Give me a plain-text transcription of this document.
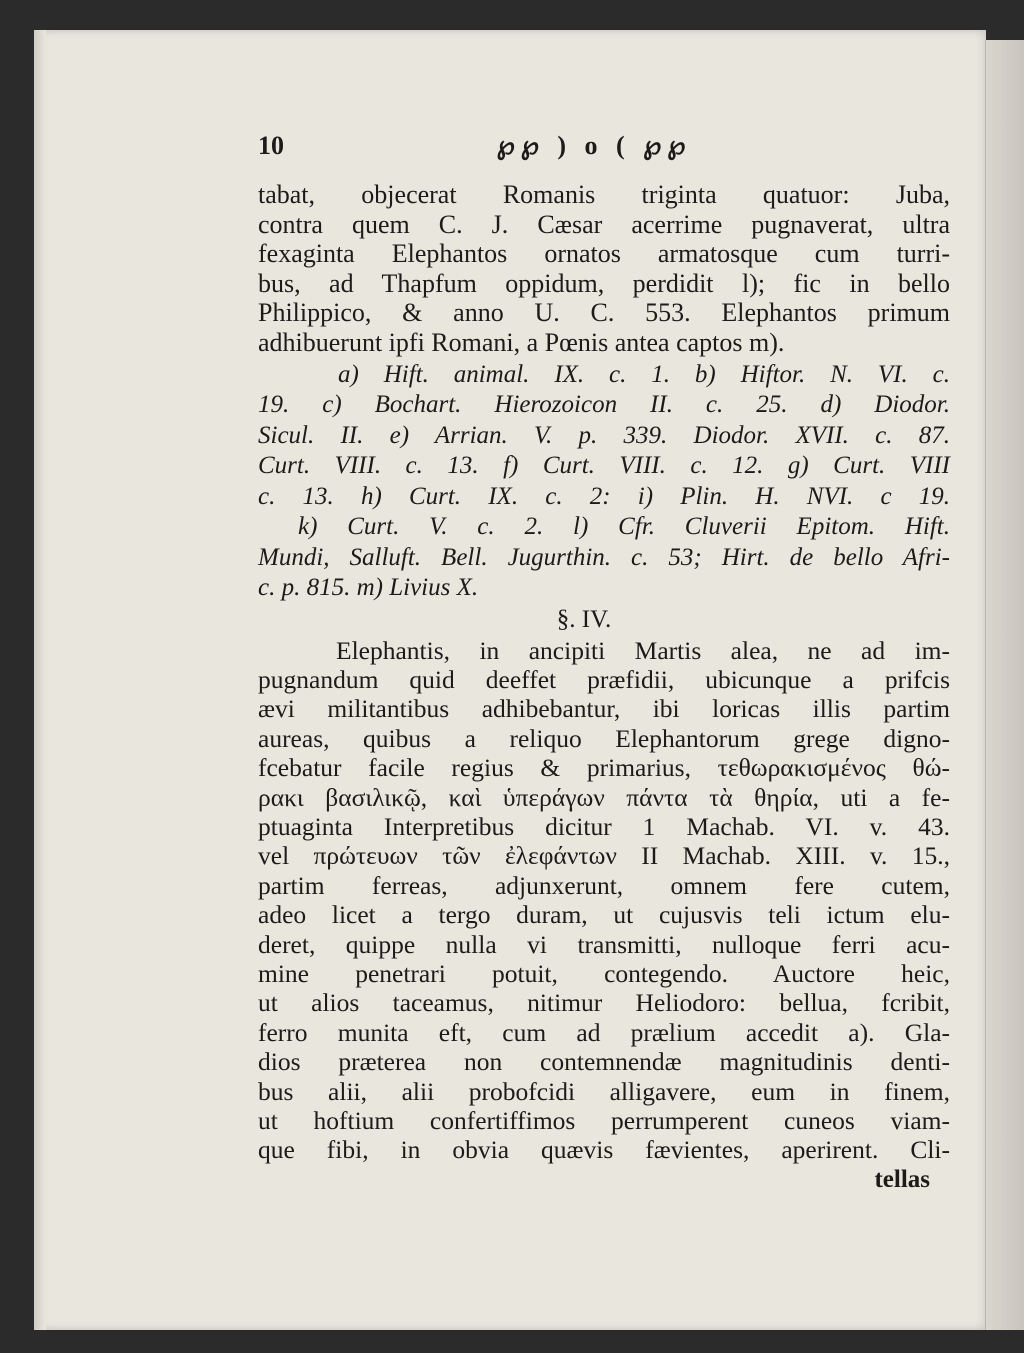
10	℘℘ ) o ( ℘℘
tabat, objecerat Romanis triginta quatuor: Juba,
contra quem C. J. Cæsar acerrime pugnaverat, ultra
fexaginta Elephantos ornatos armatosque cum turri-
bus, ad Thapfum oppidum, perdidit l); fic in bello
Philippico, & anno U. C. 553. Elephantos primum
adhibuerunt ipfi Romani, a Pœnis antea captos m).
a) Hift. animal. IX. c. 1. b) Hiftor. N. VI. c.
19. c) Bochart. Hierozoicon II. c. 25. d) Diodor.
Sicul. II. e) Arrian. V. p. 339. Diodor. XVII. c. 87.
Curt. VIII. c. 13. f) Curt. VIII. c. 12. g) Curt. VIII
c. 13. h) Curt. IX. c. 2: i) Plin. H. NVI. c 19.
k) Curt. V. c. 2. l) Cfr. Cluverii Epitom. Hift.
Mundi, Salluft. Bell. Jugurthin. c. 53; Hirt. de bello Afri-
c. p. 815. m) Livius X.
§. IV.
Elephantis, in ancipiti Martis alea, ne ad im-
pugnandum quid deeffet præfidii, ubicunque a prifcis
ævi militantibus adhibebantur, ibi loricas illis partim
aureas, quibus a reliquo Elephantorum grege digno-
fcebatur facile regius & primarius, τεθωρακισμένος θώ-
ρακι βασιλικῷ, καὶ ὑπεράγων πάντα τὰ θηρία, uti a fe-
ptuaginta Interpretibus dicitur 1 Machab. VI. v. 43.
vel πρώτευων τῶν ἐλεφάντων II Machab. XIII. v. 15.,
partim ferreas, adjunxerunt, omnem fere cutem,
adeo licet a tergo duram, ut cujusvis teli ictum elu-
deret, quippe nulla vi transmitti, nulloque ferri acu-
mine penetrari potuit, contegendo. Auctore heic,
ut alios taceamus, nitimur Heliodoro: bellua, fcribit,
ferro munita eft, cum ad prælium accedit a). Gla-
dios præterea non contemnendæ magnitudinis denti-
bus alii, alii probofcidi alligavere, eum in finem,
ut hoftium confertiffimos perrumperent cuneos viam-
que fibi, in obvia quævis fævientes, aperirent. Cli-
tellas
